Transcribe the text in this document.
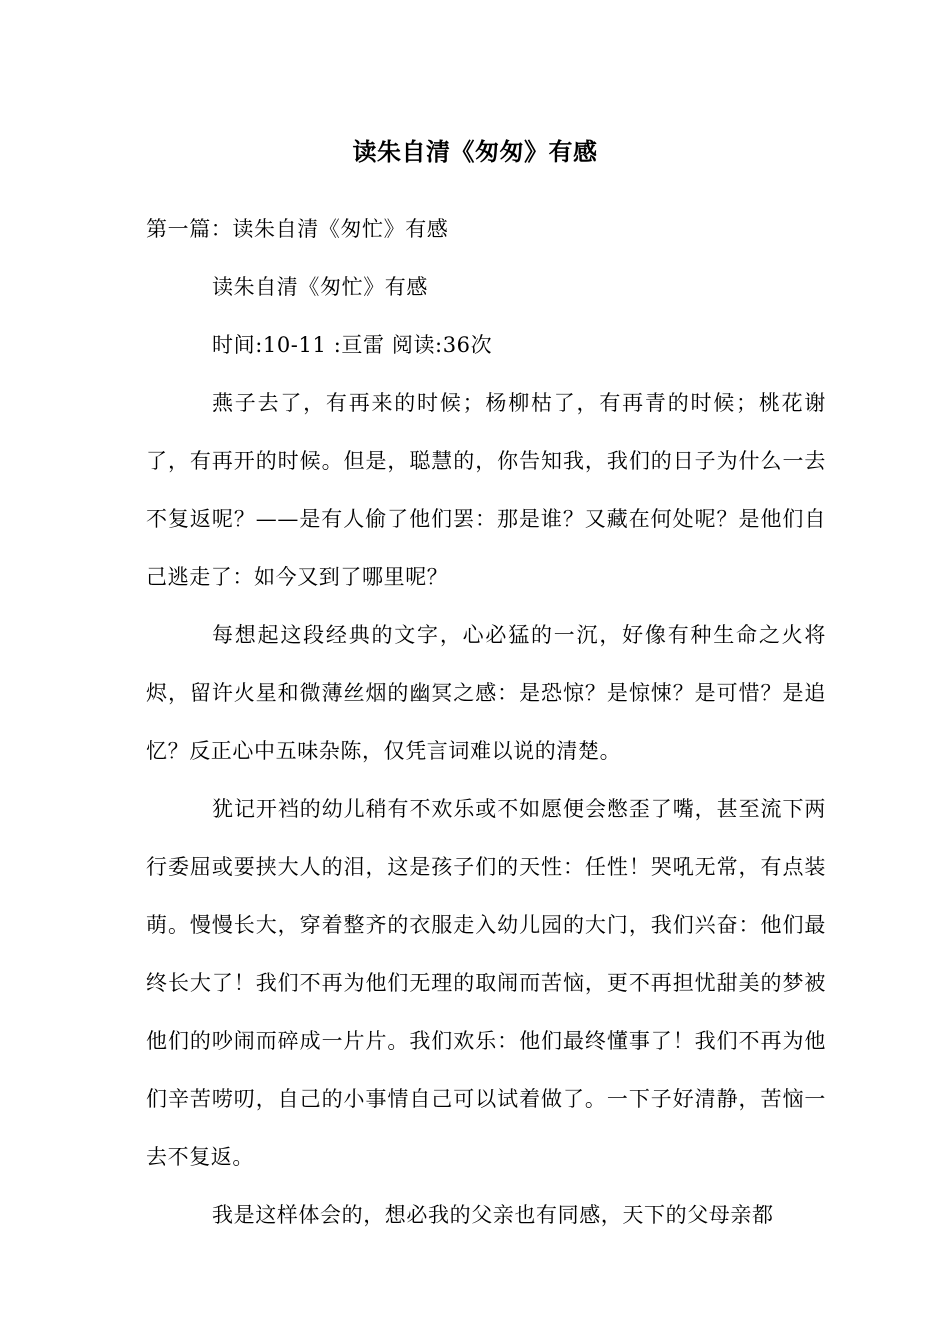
读朱自清《匆匆》有感

第一篇：读朱自清《匆忙》有感

读朱自清《匆忙》有感

时间:10-11 :亘雷 阅读:36次

燕子去了，有再来的时候；杨柳枯了，有再青的时候；桃花谢了，有再开的时候。但是，聪慧的，你告知我，我们的日子为什么一去不复返呢？——是有人偷了他们罢：那是谁？又藏在何处呢？是他们自己逃走了：如今又到了哪里呢？

每想起这段经典的文字，心必猛的一沉，好像有种生命之火将烬，留许火星和微薄丝烟的幽冥之感：是恐惊？是惊悚？是可惜？是追忆？反正心中五味杂陈，仅凭言词难以说的清楚。

犹记开裆的幼儿稍有不欢乐或不如愿便会憋歪了嘴，甚至流下两行委屈或要挟大人的泪，这是孩子们的天性：任性！哭吼无常，有点装萌。慢慢长大，穿着整齐的衣服走入幼儿园的大门，我们兴奋：他们最终长大了！我们不再为他们无理的取闹而苦恼，更不再担忧甜美的梦被他们的吵闹而碎成一片片。我们欢乐：他们最终懂事了！我们不再为他们辛苦唠叨，自己的小事情自己可以试着做了。一下子好清静，苦恼一去不复返。

我是这样体会的，想必我的父亲也有同感，天下的父母亲都
